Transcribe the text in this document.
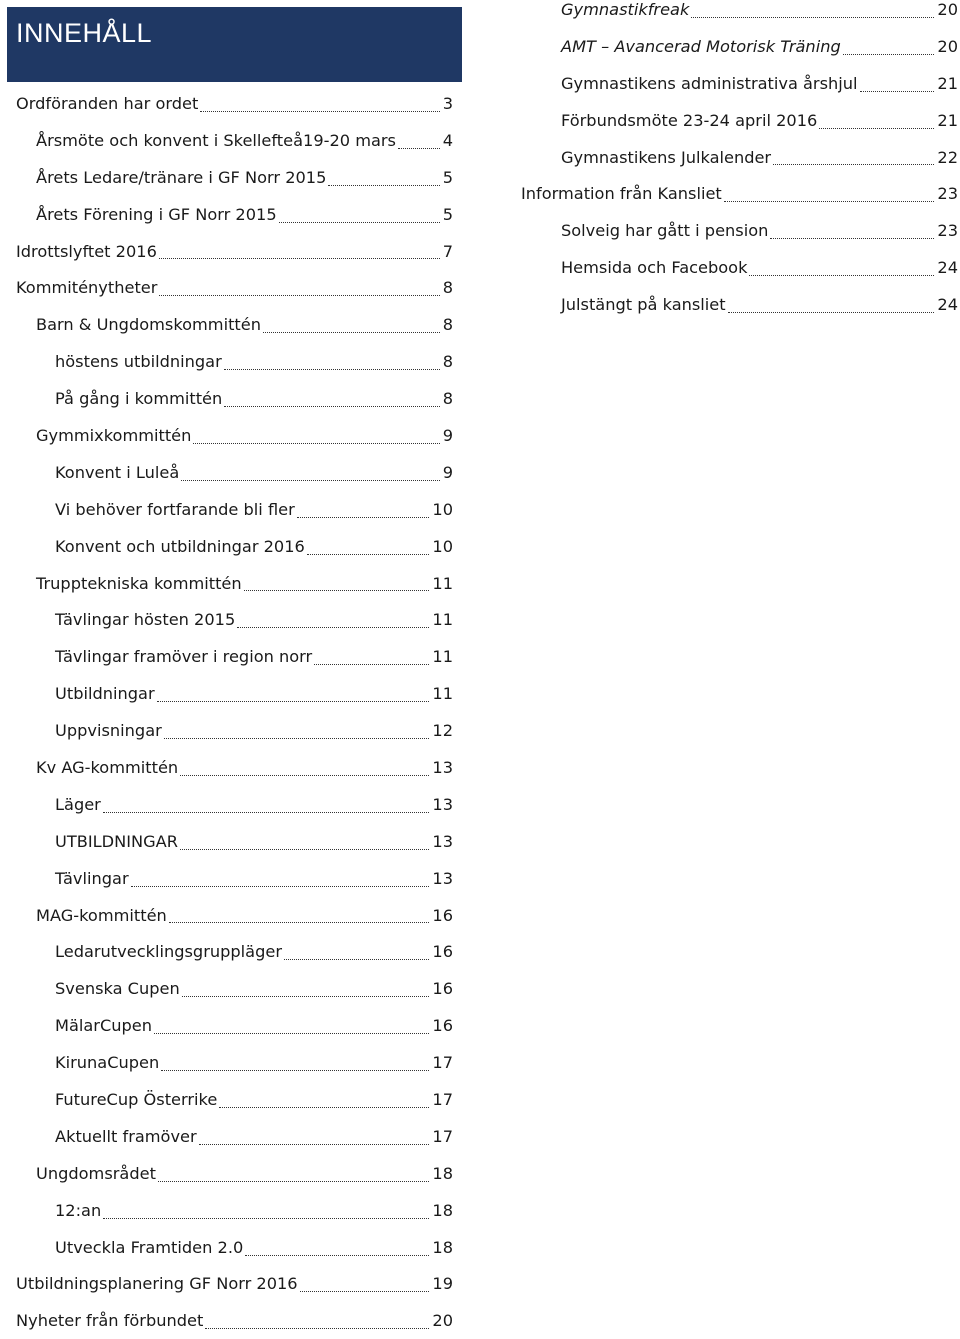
INNEHÅLL
Ordföranden har ordet	3
Årsmöte och konvent i Skellefteå19-20 mars	4
Årets Ledare/tränare i GF Norr 2015	5
Årets Förening i GF Norr 2015	5
Idrottslyftet 2016	7
Kommiténytheter	8
Barn & Ungdomskommittén	8
höstens utbildningar	8
På gång i kommittén	8
Gymmixkommittén	9
Konvent i Luleå	9
Vi behöver fortfarande bli fler	10
Konvent och utbildningar 2016	10
Trupptekniska kommittén	11
Tävlingar hösten 2015	11
Tävlingar framöver i region norr	11
Utbildningar	11
Uppvisningar	12
Kv AG-kommittén	13
Läger	13
UTBILDNINGAR	13
Tävlingar	13
MAG-kommittén	16
Ledarutvecklingsgruppläger	16
Svenska Cupen	16
MälarCupen	16
KirunaCupen	17
FutureCup Österrike	17
Aktuellt framöver	17
Ungdomsrådet	18
12:an	18
Utveckla Framtiden 2.0	18
Utbildningsplanering GF Norr 2016	19
Nyheter från förbundet	20
Gymnastikfreak	20
AMT – Avancerad Motorisk Träning	20
Gymnastikens administrativa årshjul	21
Förbundsmöte 23-24 april 2016	21
Gymnastikens Julkalender	22
Information från Kansliet	23
Solveig har gått i pension	23
Hemsida och Facebook	24
Julstängt på kansliet	24
